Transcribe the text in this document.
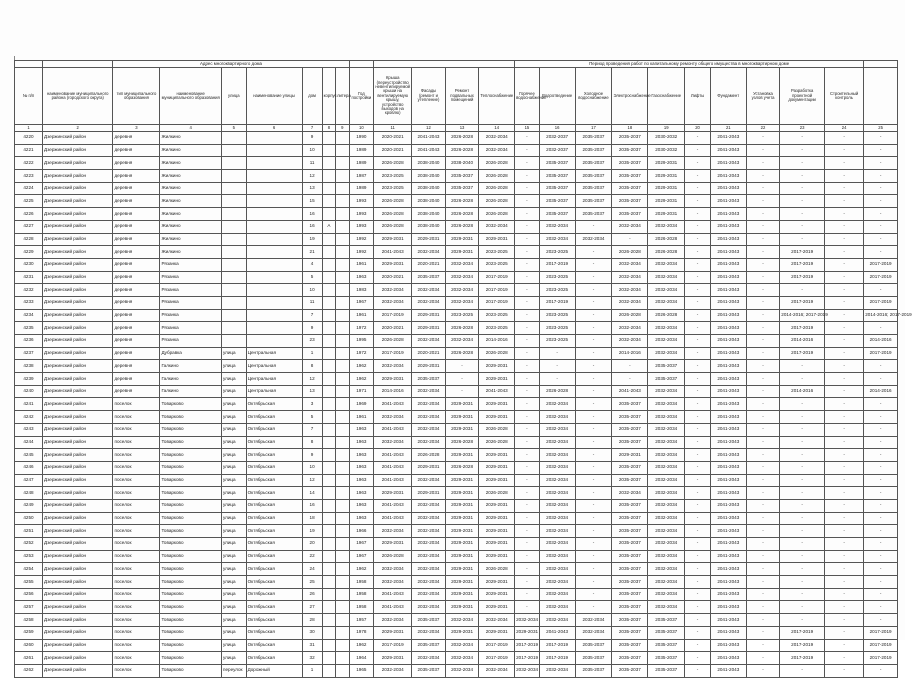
		Адрес многоквартирного дома												Период проведения работ по капитальному ремонту общего имущества в многоквартирном доме										
№ п/п	наименование муниципального района (городского округа)	тип муниципального образования	наименование муниципального образования	улица	наименование улицы	дом	корпус	литера	Год постройки	Крыша (переустройство невентилируемой крыши на вентилируемую крышу, устройство выходов на кровлю)	Фасады (ремонт и утепление)	Ремонт подвальных помещений	Теплоснабжение	Горячее водоснабжение	Водоотведение	Холодное водоснабжение	Электроснабжение	Газоснабжение	Лифты	Фундамент	Установка узлов учета	Разработка проектной документации	Строительный контроль	
1	2	3	4	5	6	7	8	9	10	11	12	13	14	15	16	17	18	19	20	21	22	23	24	25
4220	Дзержинский район	деревня	Жилкино			9			1990	2020-2021	2041-2043	2026-2028	2032-2034	-	2032-2037	2035-2037	2035-2037	2030-2032	-	2041-2043	-	-	-	-
4221	Дзержинский район	деревня	Жилкино			10			1989	2020-2021	2041-2043	2026-2028	2032-2034	-	2032-2037	2035-2037	2035-2037	2030-2032	-	2041-2043	-	-	-	-
4222	Дзержинский район	деревня	Жилкино			11			1989	2026-2028	2038-2040	2038-2040	2026-2028	-	2035-2037	2035-2037	2035-2037	2029-2031	-	2041-2043	-	-	-	-
4223	Дзержинский район	деревня	Жилкино			12			1987	2023-2025	2038-2040	2035-2037	2026-2028	-	2035-2037	2035-2037	2035-2037	2029-2031	-	2041-2043	-	-	-	-
4224	Дзержинский район	деревня	Жилкино			13			1989	2023-2025	2038-2040	2035-2037	2026-2028	-	2035-2037	2035-2037	2035-2037	2029-2031	-	2041-2043	-	-	-	-
4225	Дзержинский район	деревня	Жилкино			15			1993	2026-2028	2038-2040	2026-2028	2026-2028	-	2035-2037	2035-2037	2035-2037	2029-2031	-	2041-2043	-	-	-	-
4226	Дзержинский район	деревня	Жилкино			16			1993	2026-2028	2038-2040	2026-2028	2026-2028	-	2035-2037	2035-2037	2035-2037	2029-2031	-	2041-2043	-	-	-	-
4227	Дзержинский район	деревня	Жилкино			16	А		1993	2026-2028	2038-2040	2026-2028	2032-2034	-	2032-2034	-	2032-2034	2032-2034	-	2041-2043	-	-	-	-
4228	Дзержинский район	деревня	Жилкино			19			1992	2029-2031	2029-2031	2029-2031	2029-2031	-	2032-2034	2032-2034	-	2026-2028	-	2041-2043	-	-	-	-
4229	Дзержинский район	деревня	Жилкино			21			1992	2041-2043	2032-2034	2029-2031	2023-2025	-	2023-2025	-	2026-2028	2026-2028	-	2041-2043	-	2017-2019	-	-
4230	Дзержинский район	деревня	Рязанка			4			1961	2029-2031	2020-2021	2032-2034	2023-2025	-	2017-2019	-	2032-2034	2032-2034	-	2041-2043	-	2017-2019	-	2017-2019
4231	Дзержинский район	деревня	Рязанка			5			1963	2020-2021	2035-2037	2032-2034	2017-2019	-	2023-2025	-	2032-2034	2032-2034	-	2041-2043	-	2017-2019	-	2017-2019
4232	Дзержинский район	деревня	Рязанка			10			1983	2032-2034	2032-2034	2032-2034	2017-2019	-	2023-2025	-	2032-2034	2032-2034	-	2041-2043	-	-	-	-
4233	Дзержинский район	деревня	Рязанка			11			1967	2032-2034	2032-2034	2032-2034	2017-2019	-	2017-2019	-	2032-2034	2032-2034	-	2041-2043	-	2017-2019	-	2017-2019
4234	Дзержинский район	деревня	Рязанка			7			1961	2017-2019	2029-2031	2023-2025	2023-2025	-	2023-2025	-	2026-2028	2026-2028	-	2041-2043	-	2014-2016; 2017-2019	-	2014-2016; 2017-2019
4235	Дзержинский район	деревня	Рязанка			9			1972	2020-2021	2029-2031	2026-2028	2023-2025	-	2023-2025	-	2032-2034	2032-2034	-	2041-2043	-	2017-2019	-	-
4236	Дзержинский район	деревня	Рязанка			23			1995	2026-2028	2032-2034	2032-2034	2014-2016	-	2023-2025	-	2032-2034	2032-2034	-	2041-2043	-	2014-2016	-	2014-2016
4237	Дзержинский район	деревня	Дубравка	улица	Центральная	1			1972	2017-2019	2020-2021	2026-2028	2026-2028	-	-	-	2014-2016	2032-2034	-	2041-2043	-	2017-2019	-	2017-2019
4238	Дзержинский район	деревня	Галкино	улица	Центральная	8			1962	2032-2034	2029-2031	-	2029-2031	-	-	-	-	2035-2037	-	2041-2043	-	-	-	-
4239	Дзержинский район	деревня	Галкино	улица	Центральная	12			1962	2029-2031	2035-2037	-	2029-2031	-	-	-	-	2035-2037	-	2041-2043	-	-	-	-
4240	Дзержинский район	деревня	Галкино	улица	Центральная	13			1971	2014-2016	2032-2034	-	2041-2043	-	2026-2028	-	2041-2043	2032-2034	-	2041-2043	-	2014-2016	-	2014-2016
4241	Дзержинский район	поселок	Товарково	улица	Октябрьская	3			1969	2041-2043	2032-2034	2029-2031	2029-2031	-	2032-2034	-	2035-2037	2032-2034	-	2041-2043	-	-	-	-
4242	Дзержинский район	поселок	Товарково	улица	Октябрьская	5			1961	2032-2034	2032-2034	2029-2031	2029-2031	-	2032-2034	-	2035-2037	2032-2034	-	2041-2043	-	-	-	-
4243	Дзержинский район	поселок	Товарково	улица	Октябрьская	7			1963	2041-2043	2032-2034	2029-2031	2026-2028	-	2032-2034	-	2035-2037	2032-2034	-	2041-2043	-	-	-	-
4244	Дзержинский район	поселок	Товарково	улица	Октябрьская	8			1963	2032-2034	2032-2034	2026-2028	2026-2028	-	2032-2034	-	2035-2037	2032-2034	-	2041-2043	-	-	-	-
4245	Дзержинский район	поселок	Товарково	улица	Октябрьская	9			1963	2041-2043	2026-2028	2029-2031	2029-2031	-	2032-2034	-	2029-2031	2032-2034	-	2041-2043	-	-	-	-
4246	Дзержинский район	поселок	Товарково	улица	Октябрьская	10			1963	2041-2043	2029-2031	2026-2028	2029-2031	-	2032-2034	-	2035-2037	2032-2034	-	2041-2043	-	-	-	-
4247	Дзержинский район	поселок	Товарково	улица	Октябрьская	12			1963	2041-2043	2032-2034	2029-2031	2029-2031	-	2032-2034	-	2035-2037	2032-2034	-	2041-2043	-	-	-	-
4248	Дзержинский район	поселок	Товарково	улица	Октябрьская	14			1963	2029-2031	2029-2031	2029-2031	2026-2028	-	2032-2034	-	2032-2034	2032-2034	-	2041-2043	-	-	-	-
4249	Дзержинский район	поселок	Товарково	улица	Октябрьская	16			1963	2041-2043	2032-2034	2029-2031	2029-2031	-	2032-2034	-	2035-2037	2032-2034	-	2041-2043	-	-	-	-
4250	Дзержинский район	поселок	Товарково	улица	Октябрьская	18			1963	2041-2043	2032-2034	2029-2031	2029-2031	-	2032-2034	-	2035-2037	2032-2034	-	2041-2043	-	-	-	-
4251	Дзержинский район	поселок	Товарково	улица	Октябрьская	19			1966	2032-2034	2032-2034	2029-2031	2029-2031	-	2032-2034	-	2035-2037	2032-2034	-	2041-2043	-	-	-	-
4252	Дзержинский район	поселок	Товарково	улица	Октябрьская	20			1967	2029-2031	2032-2034	2029-2031	2029-2031	-	2032-2034	-	2035-2037	2032-2034	-	2041-2043	-	-	-	-
4253	Дзержинский район	поселок	Товарково	улица	Октябрьская	22			1967	2026-2028	2032-2034	2029-2031	2029-2031	-	2032-2034	-	2035-2037	2032-2034	-	2041-2043	-	-	-	-
4254	Дзержинский район	поселок	Товарково	улица	Октябрьская	24			1962	2032-2034	2032-2034	2029-2031	2026-2028	-	2032-2034	-	2035-2037	2032-2034	-	2041-2043	-	-	-	-
4255	Дзержинский район	поселок	Товарково	улица	Октябрьская	25			1958	2032-2034	2032-2034	2029-2031	2029-2031	-	2032-2034	-	2035-2037	2032-2034	-	2041-2043	-	-	-	-
4256	Дзержинский район	поселок	Товарково	улица	Октябрьская	26			1958	2041-2043	2032-2034	2029-2031	2029-2031	-	2032-2034	-	2035-2037	2032-2034	-	2041-2043	-	-	-	-
4257	Дзержинский район	поселок	Товарково	улица	Октябрьская	27			1958	2041-2043	2032-2034	2029-2031	2029-2031	-	2032-2034	-	2035-2037	2032-2034	-	2041-2043	-	-	-	-
4258	Дзержинский район	поселок	Товарково	улица	Октябрьская	28			1957	2032-2034	2035-2037	2032-2034	2032-2034	2032-2034	2032-2034	2032-2034	2035-2037	2035-2037	-	2041-2043	-	-	-	-
4259	Дзержинский район	поселок	Товарково	улица	Октябрьская	30			1978	2029-2031	2032-2034	2029-2031	2029-2031	2029-2031	2041-2043	2032-2034	2035-2037	2035-2037	-	2041-2043	-	2017-2019	-	2017-2019
4260	Дзержинский район	поселок	Товарково	улица	Октябрьская	31			1962	2017-2019	2035-2037	2032-2034	2017-2019	2017-2019	2017-2019	2035-2037	2035-2037	2035-2037	-	2041-2043	-	2017-2019	-	2017-2019
4261	Дзержинский район	поселок	Товарково	улица	Октябрьская	32			1964	2029-2031	2032-2034	2032-2034	2017-2019	2017-2019	2017-2019	2035-2037	2035-2037	2035-2037	-	2041-2043	-	2017-2019	-	2017-2019
4262	Дзержинский район	поселок	Товарково	переулок	Дорожный	1			1965	2032-2034	2035-2037	2032-2034	2032-2034	2032-2034	2032-2034	2035-2037	2035-2037	2035-2037	-	2041-2043	-	-	-	-
